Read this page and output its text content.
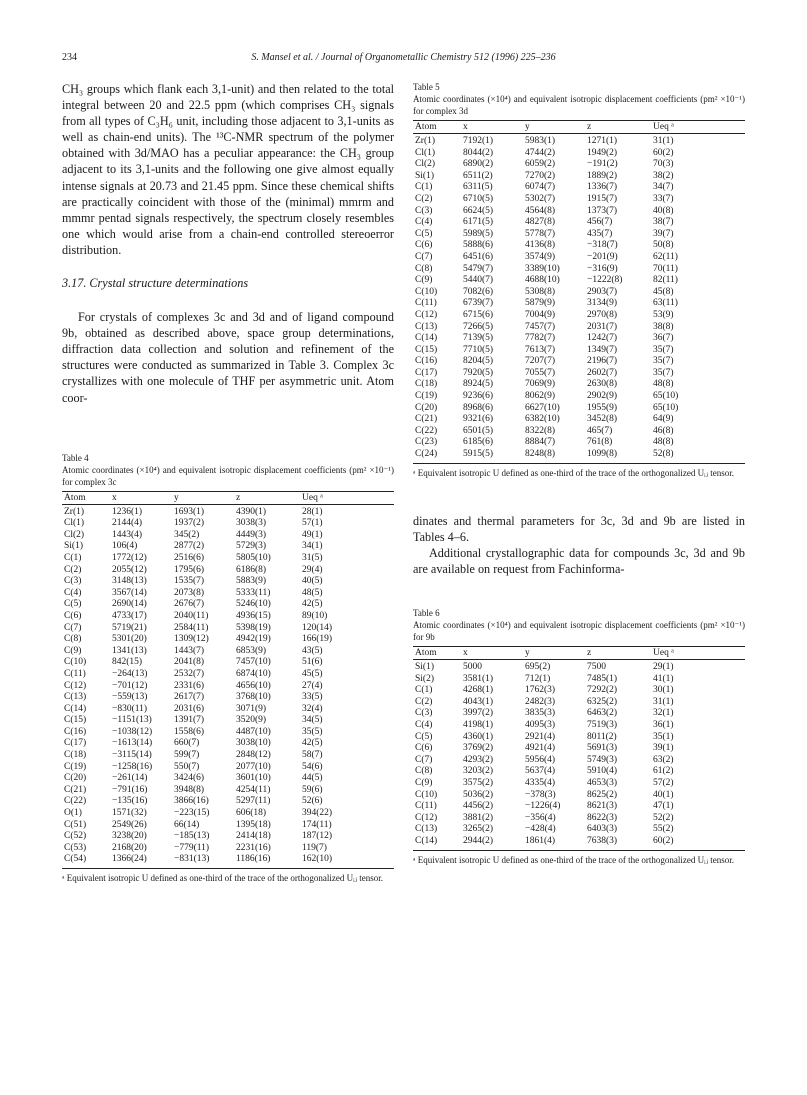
234	S. Mansel et al. / Journal of Organometallic Chemistry 512 (1996) 225–236

CH₃ groups which flank each 3,1-unit) and then related to the total integral between 20 and 22.5 ppm (which comprises CH₃ signals from all types of C₃H₆ unit, including those adjacent to 3,1-units as well as chain-end units). The ¹³C-NMR spectrum of the polymer obtained with 3d/MAO has a peculiar appearance: the CH₃ group adjacent to its 3,1-units and the following one give almost equally intense signals at 20.73 and 21.45 ppm. Since these chemical shifts are practically coincident with those of the (minimal) mmrm and mmmr pentad signals respectively, the spectrum closely resembles one which would arise from a chain-end controlled stereoerror distribution.

3.17. Crystal structure determinations

For crystals of complexes 3c and 3d and of ligand compound 9b, obtained as described above, space group determinations, diffraction data collection and solution and refinement of the structures were conducted as summarized in Table 3. Complex 3c crystallizes with one molecule of THF per asymmetric unit. Atom coor-

Table 4
Atomic coordinates (×10⁴) and equivalent isotropic displacement coefficients (pm² ×10⁻¹) for complex 3c
Atom	x	y	z	Ueq ᵃ
Zr(1)	1236(1)	1693(1)	4390(1)	28(1)
Cl(1)	2144(4)	1937(2)	3038(3)	57(1)
Cl(2)	1443(4)	345(2)	4449(3)	49(1)
Si(1)	106(4)	2877(2)	5729(3)	34(1)
C(1)	1772(12)	2516(6)	5805(10)	31(5)
C(2)	2055(12)	1795(6)	6186(8)	29(4)
C(3)	3148(13)	1535(7)	5883(9)	40(5)
C(4)	3567(14)	2073(8)	5333(11)	48(5)
C(5)	2690(14)	2676(7)	5246(10)	42(5)
C(6)	4733(17)	2040(11)	4936(15)	89(10)
C(7)	5719(21)	2584(11)	5398(19)	120(14)
C(8)	5301(20)	1309(12)	4942(19)	166(19)
C(9)	1341(13)	1443(7)	6853(9)	43(5)
C(10)	842(15)	2041(8)	7457(10)	51(6)
C(11)	−264(13)	2532(7)	6874(10)	45(5)
C(12)	−701(12)	2331(6)	4656(10)	27(4)
C(13)	−559(13)	2617(7)	3768(10)	33(5)
C(14)	−830(11)	2031(6)	3071(9)	32(4)
C(15)	−1151(13)	1391(7)	3520(9)	34(5)
C(16)	−1038(12)	1558(6)	4487(10)	35(5)
C(17)	−1613(14)	660(7)	3038(10)	42(5)
C(18)	−3115(14)	599(7)	2848(12)	58(7)
C(19)	−1258(16)	550(7)	2077(10)	54(6)
C(20)	−261(14)	3424(6)	3601(10)	44(5)
C(21)	−791(16)	3948(8)	4254(11)	59(6)
C(22)	−135(16)	3866(16)	5297(11)	52(6)
O(1)	1571(32)	−223(15)	606(18)	394(22)
C(51)	2549(26)	66(14)	1395(18)	174(11)
C(52)	3238(20)	−185(13)	2414(18)	187(12)
C(53)	2168(20)	−779(11)	2231(16)	119(7)
C(54)	1366(24)	−831(13)	1186(16)	162(10)
ᵃ Equivalent isotropic U defined as one-third of the trace of the orthogonalized Uᵢⱼ tensor.
Table 5
Atomic coordinates (×10⁴) and equivalent isotropic displacement coefficients (pm² ×10⁻¹) for complex 3d
Atom	x	y	z	Ueq ᵃ
Zr(1)	7192(1)	5983(1)	1271(1)	31(1)
Cl(1)	8044(2)	4744(2)	1949(2)	60(2)
Cl(2)	6890(2)	6059(2)	−191(2)	70(3)
Si(1)	6511(2)	7270(2)	1889(2)	38(2)
C(1)	6311(5)	6074(7)	1336(7)	34(7)
C(2)	6710(5)	5302(7)	1915(7)	33(7)
C(3)	6624(5)	4564(8)	1373(7)	40(8)
C(4)	6171(5)	4827(8)	456(7)	38(7)
C(5)	5989(5)	5778(7)	435(7)	39(7)
C(6)	5888(6)	4136(8)	−318(7)	50(8)
C(7)	6451(6)	3574(9)	−201(9)	62(11)
C(8)	5479(7)	3389(10)	−316(9)	70(11)
C(9)	5440(7)	4688(10)	−1222(8)	82(11)
C(10)	7082(6)	5308(8)	2903(7)	45(8)
C(11)	6739(7)	5879(9)	3134(9)	63(11)
C(12)	6715(6)	7004(9)	2970(8)	53(9)
C(13)	7266(5)	7457(7)	2031(7)	38(8)
C(14)	7139(5)	7782(7)	1242(7)	36(7)
C(15)	7710(5)	7613(7)	1349(7)	35(7)
C(16)	8204(5)	7207(7)	2196(7)	35(7)
C(17)	7920(5)	7055(7)	2602(7)	35(7)
C(18)	8924(5)	7069(9)	2630(8)	48(8)
C(19)	9236(6)	8062(9)	2902(9)	65(10)
C(20)	8968(6)	6627(10)	1955(9)	65(10)
C(21)	9321(6)	6382(10)	3452(8)	64(9)
C(22)	6501(5)	8322(8)	465(7)	46(8)
C(23)	6185(6)	8884(7)	761(8)	48(8)
C(24)	5915(5)	8248(8)	1099(8)	52(8)
ᵃ Equivalent isotropic U defined as one-third of the trace of the orthogonalized Uᵢⱼ tensor.

dinates and thermal parameters for 3c, 3d and 9b are listed in Tables 4–6.

Additional crystallographic data for compounds 3c, 3d and 9b are available on request from Fachinforma-

Table 6
Atomic coordinates (×10⁴) and equivalent isotropic displacement coefficients (pm² ×10⁻¹) for 9b
Atom	x	y	z	Ueq ᵃ
Si(1)	5000	695(2)	7500	29(1)
Si(2)	3581(1)	712(1)	7485(1)	41(1)
C(1)	4268(1)	1762(3)	7292(2)	30(1)
C(2)	4043(1)	2482(3)	6325(2)	31(1)
C(3)	3997(2)	3835(3)	6463(2)	32(1)
C(4)	4198(1)	4095(3)	7519(3)	36(1)
C(5)	4360(1)	2921(4)	8011(2)	35(1)
C(6)	3769(2)	4921(4)	5691(3)	39(1)
C(7)	4293(2)	5956(4)	5749(3)	63(2)
C(8)	3203(2)	5637(4)	5910(4)	61(2)
C(9)	3575(2)	4335(4)	4653(3)	57(2)
C(10)	5036(2)	−378(3)	8625(2)	40(1)
C(11)	4456(2)	−1226(4)	8621(3)	47(1)
C(12)	3881(2)	−356(4)	8622(3)	52(2)
C(13)	3265(2)	−428(4)	6403(3)	55(2)
C(14)	2944(2)	1861(4)	7638(3)	60(2)
ᵃ Equivalent isotropic U defined as one-third of the trace of the orthogonalized Uᵢⱼ tensor.
